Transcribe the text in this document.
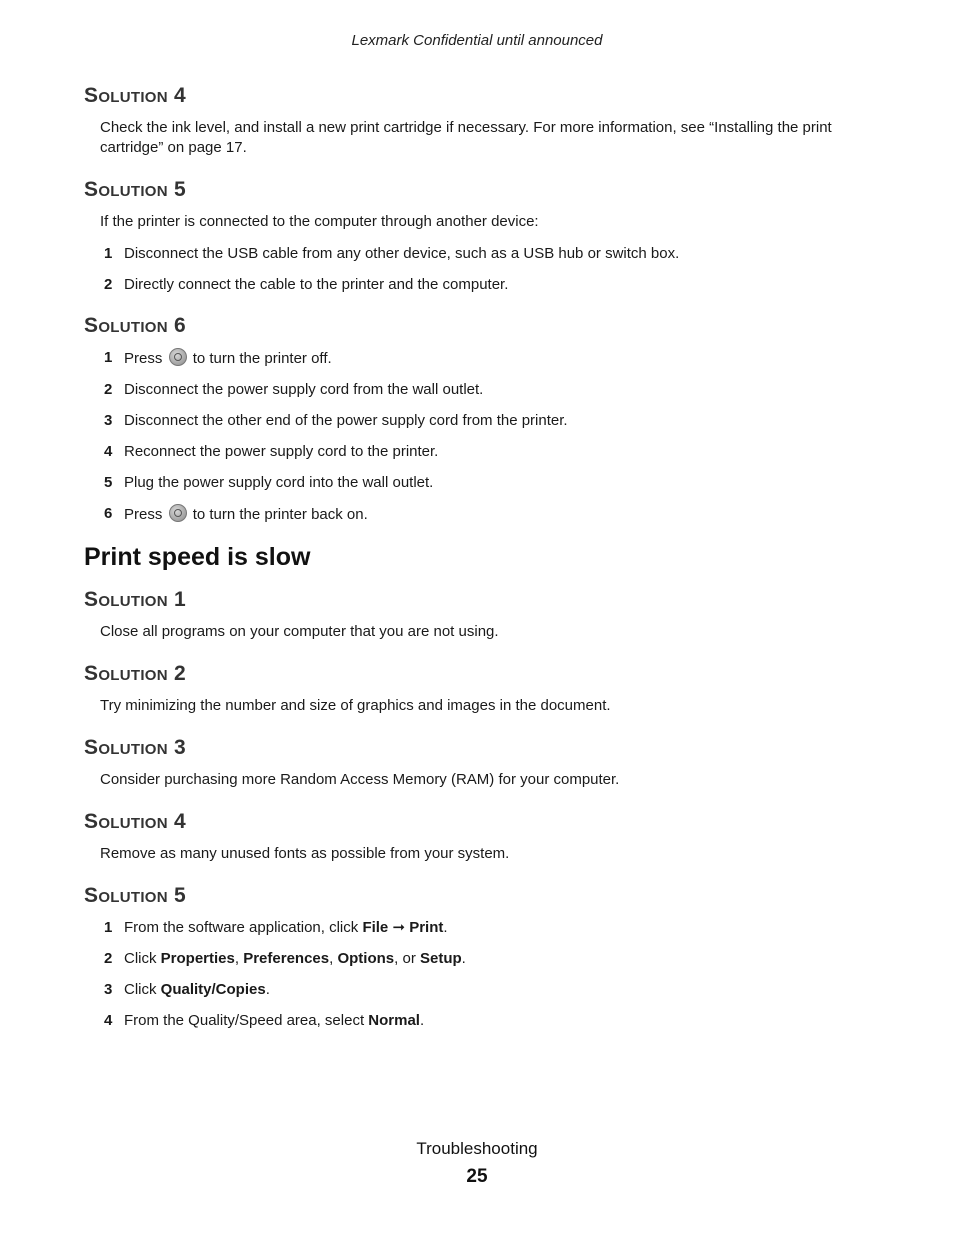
Lexmark Confidential until announced
SOLUTION 4
Check the ink level, and install a new print cartridge if necessary. For more information, see “Installing the print cartridge” on page 17.
SOLUTION 5
If the printer is connected to the computer through another device:
1 Disconnect the USB cable from any other device, such as a USB hub or switch box.
2 Directly connect the cable to the printer and the computer.
SOLUTION 6
1 Press to turn the printer off.
2 Disconnect the power supply cord from the wall outlet.
3 Disconnect the other end of the power supply cord from the printer.
4 Reconnect the power supply cord to the printer.
5 Plug the power supply cord into the wall outlet.
6 Press to turn the printer back on.
Print speed is slow
SOLUTION 1
Close all programs on your computer that you are not using.
SOLUTION 2
Try minimizing the number and size of graphics and images in the document.
SOLUTION 3
Consider purchasing more Random Access Memory (RAM) for your computer.
SOLUTION 4
Remove as many unused fonts as possible from your system.
SOLUTION 5
1 From the software application, click File ➞ Print.
2 Click Properties, Preferences, Options, or Setup.
3 Click Quality/Copies.
4 From the Quality/Speed area, select Normal.
Troubleshooting
25
